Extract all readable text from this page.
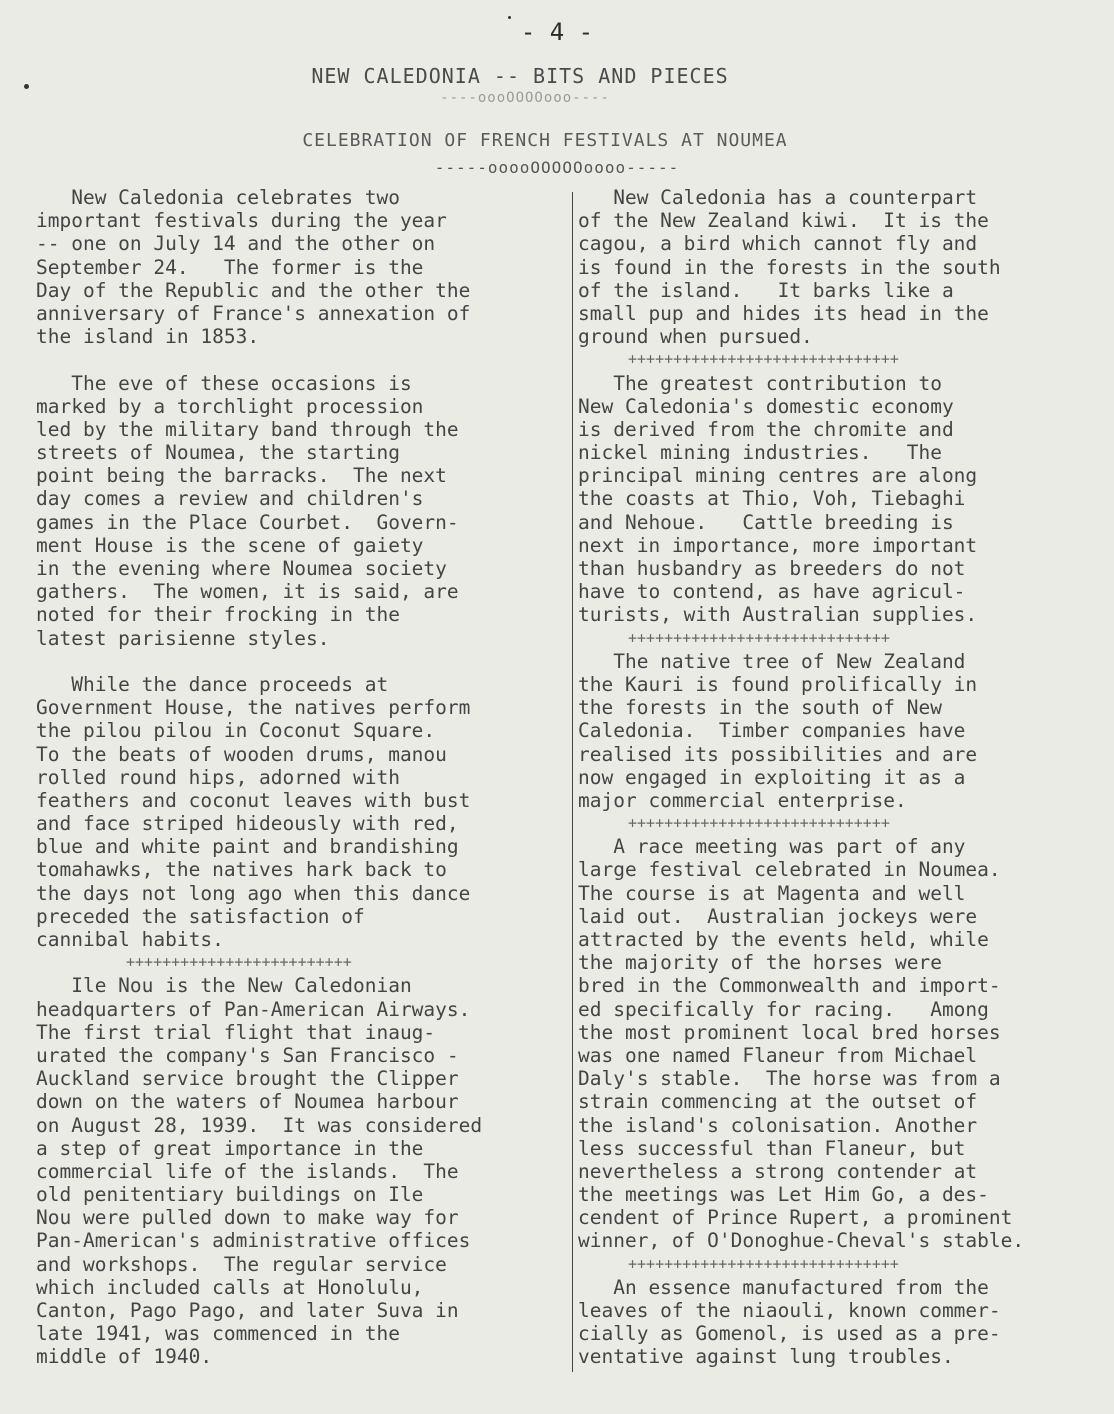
- 4 -
NEW CALEDONIA -- BITS AND PIECES
----oooOOOOooo----
CELEBRATION OF FRENCH FESTIVALS AT NOUMEA
-----ooooOOOOOoooo-----
New Caledonia celebrates two
important festivals during the year
-- one on July 14 and the other on
September 24.   The former is the
Day of the Republic and the other the
anniversary of France's annexation of
the island in 1853.
The eve of these occasions is
marked by a torchlight procession
led by the military band through the
streets of Noumea, the starting
point being the barracks.  The next
day comes a review and children's
games in the Place Courbet.  Govern-
ment House is the scene of gaiety
in the evening where Noumea society
gathers.  The women, it is said, are
noted for their frocking in the
latest parisienne styles.
While the dance proceeds at
Government House, the natives perform
the pilou pilou in Coconut Square.
To the beats of wooden drums, manou
rolled round hips, adorned with
feathers and coconut leaves with bust
and face striped hideously with red,
blue and white paint and brandishing
tomahawks, the natives hark back to
the days not long ago when this dance
preceded the satisfaction of
cannibal habits.
+++++++++++++++++++++++++
Ile Nou is the New Caledonian
headquarters of Pan-American Airways.
The first trial flight that inaug-
urated the company's San Francisco -
Auckland service brought the Clipper
down on the waters of Noumea harbour
on August 28, 1939.  It was considered
a step of great importance in the
commercial life of the islands.  The
old penitentiary buildings on Ile
Nou were pulled down to make way for
Pan-American's administrative offices
and workshops.  The regular service
which included calls at Honolulu,
Canton, Pago Pago, and later Suva in
late 1941, was commenced in the
middle of 1940.
New Caledonia has a counterpart
of the New Zealand kiwi.  It is the
cagou, a bird which cannot fly and
is found in the forests in the south
of the island.   It barks like a
small pup and hides its head in the
ground when pursued.
++++++++++++++++++++++++++++++
The greatest contribution to
New Caledonia's domestic economy
is derived from the chromite and
nickel mining industries.   The
principal mining centres are along
the coasts at Thio, Voh, Tiebaghi
and Nehoue.   Cattle breeding is
next in importance, more important
than husbandry as breeders do not
have to contend, as have agricul-
turists, with Australian supplies.
+++++++++++++++++++++++++++++
The native tree of New Zealand
the Kauri is found prolifically in
the forests in the south of New
Caledonia.  Timber companies have
realised its possibilities and are
now engaged in exploiting it as a
major commercial enterprise.
+++++++++++++++++++++++++++++
A race meeting was part of any
large festival celebrated in Noumea.
The course is at Magenta and well
laid out.  Australian jockeys were
attracted by the events held, while
the majority of the horses were
bred in the Commonwealth and import-
ed specifically for racing.   Among
the most prominent local bred horses
was one named Flaneur from Michael
Daly's stable.  The horse was from a
strain commencing at the outset of
the island's colonisation. Another
less successful than Flaneur, but
nevertheless a strong contender at
the meetings was Let Him Go, a des-
cendent of Prince Rupert, a prominent
winner, of O'Donoghue-Cheval's stable.
++++++++++++++++++++++++++++++
An essence manufactured from the
leaves of the niaouli, known commer-
cially as Gomenol, is used as a pre-
ventative against lung troubles.
